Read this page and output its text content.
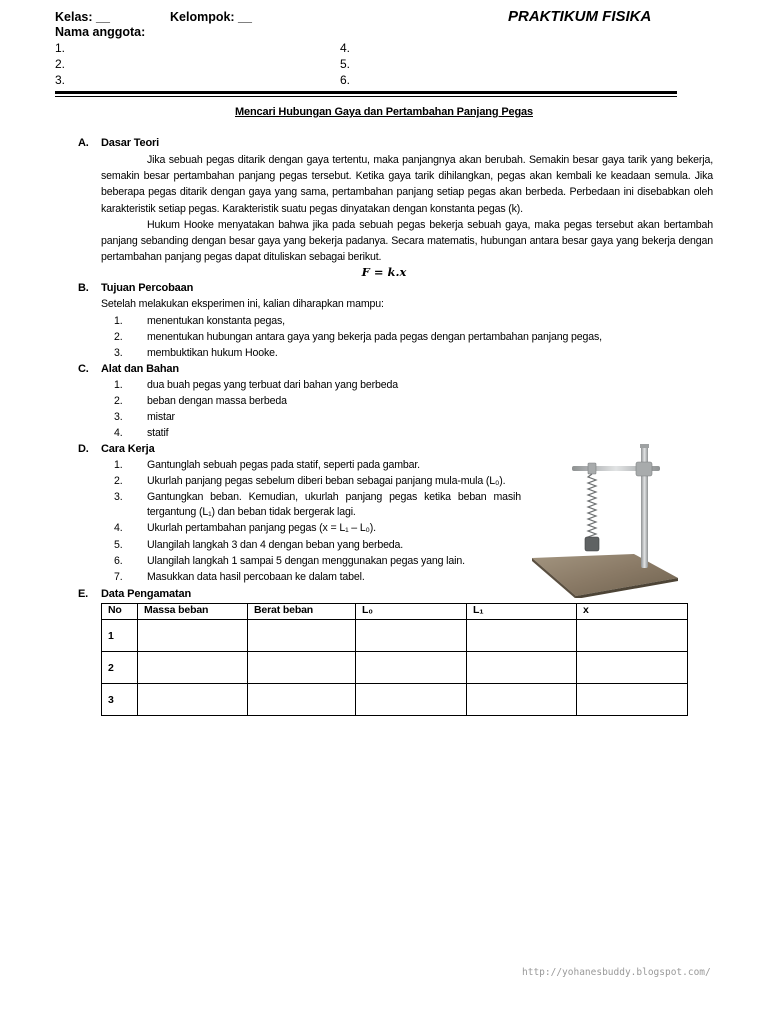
Kelas: __	Kelompok: __	PRAKTIKUM FISIKA
Nama anggota:
1.
2.
3.
4.
5.
6.
Mencari Hubungan Gaya dan Pertambahan Panjang Pegas
A. Dasar Teori
Jika sebuah pegas ditarik dengan gaya tertentu, maka panjangnya akan berubah. Semakin besar gaya tarik yang bekerja, semakin besar pertambahan panjang pegas tersebut. Ketika gaya tarik dihilangkan, pegas akan kembali ke keadaan semula. Jika beberapa pegas ditarik dengan gaya yang sama, pertambahan panjang setiap pegas akan berbeda. Perbedaan ini disebabkan oleh karakteristik setiap pegas. Karakteristik suatu pegas dinyatakan dengan konstanta pegas (k).
Hukum Hooke menyatakan bahwa jika pada sebuah pegas bekerja sebuah gaya, maka pegas tersebut akan bertambah panjang sebanding dengan besar gaya yang bekerja padanya. Secara matematis, hubungan antara besar gaya yang bekerja dengan pertambahan panjang pegas dapat dituliskan sebagai berikut.
F = k.x
B. Tujuan Percobaan
Setelah melakukan eksperimen ini, kalian diharapkan mampu:
1. menentukan konstanta pegas,
2. menentukan hubungan antara gaya yang bekerja pada pegas dengan pertambahan panjang pegas,
3. membuktikan hukum Hooke.
C. Alat dan Bahan
1. dua buah pegas yang terbuat dari bahan yang berbeda
2. beban dengan massa berbeda
3. mistar
4. statif
D. Cara Kerja
1. Gantunglah sebuah pegas pada statif, seperti pada gambar.
2. Ukurlah panjang pegas sebelum diberi beban sebagai panjang mula-mula (L₀).
3. Gantungkan beban. Kemudian, ukurlah panjang pegas ketika beban masih
tergantung (L₁) dan beban tidak bergerak lagi.
4. Ukurlah pertambahan panjang pegas (x = L₁ – L₀).
5. Ulangilah langkah 3 dan 4 dengan beban yang berbeda.
6. Ulangilah langkah 1 sampai 5 dengan menggunakan pegas yang lain.
7. Masukkan data hasil percobaan ke dalam tabel.
E. Data Pengamatan
No	Massa beban	Berat beban	L₀	L₁	x
1					
2					
3					
http://yohanesbuddy.blogspot.com/
